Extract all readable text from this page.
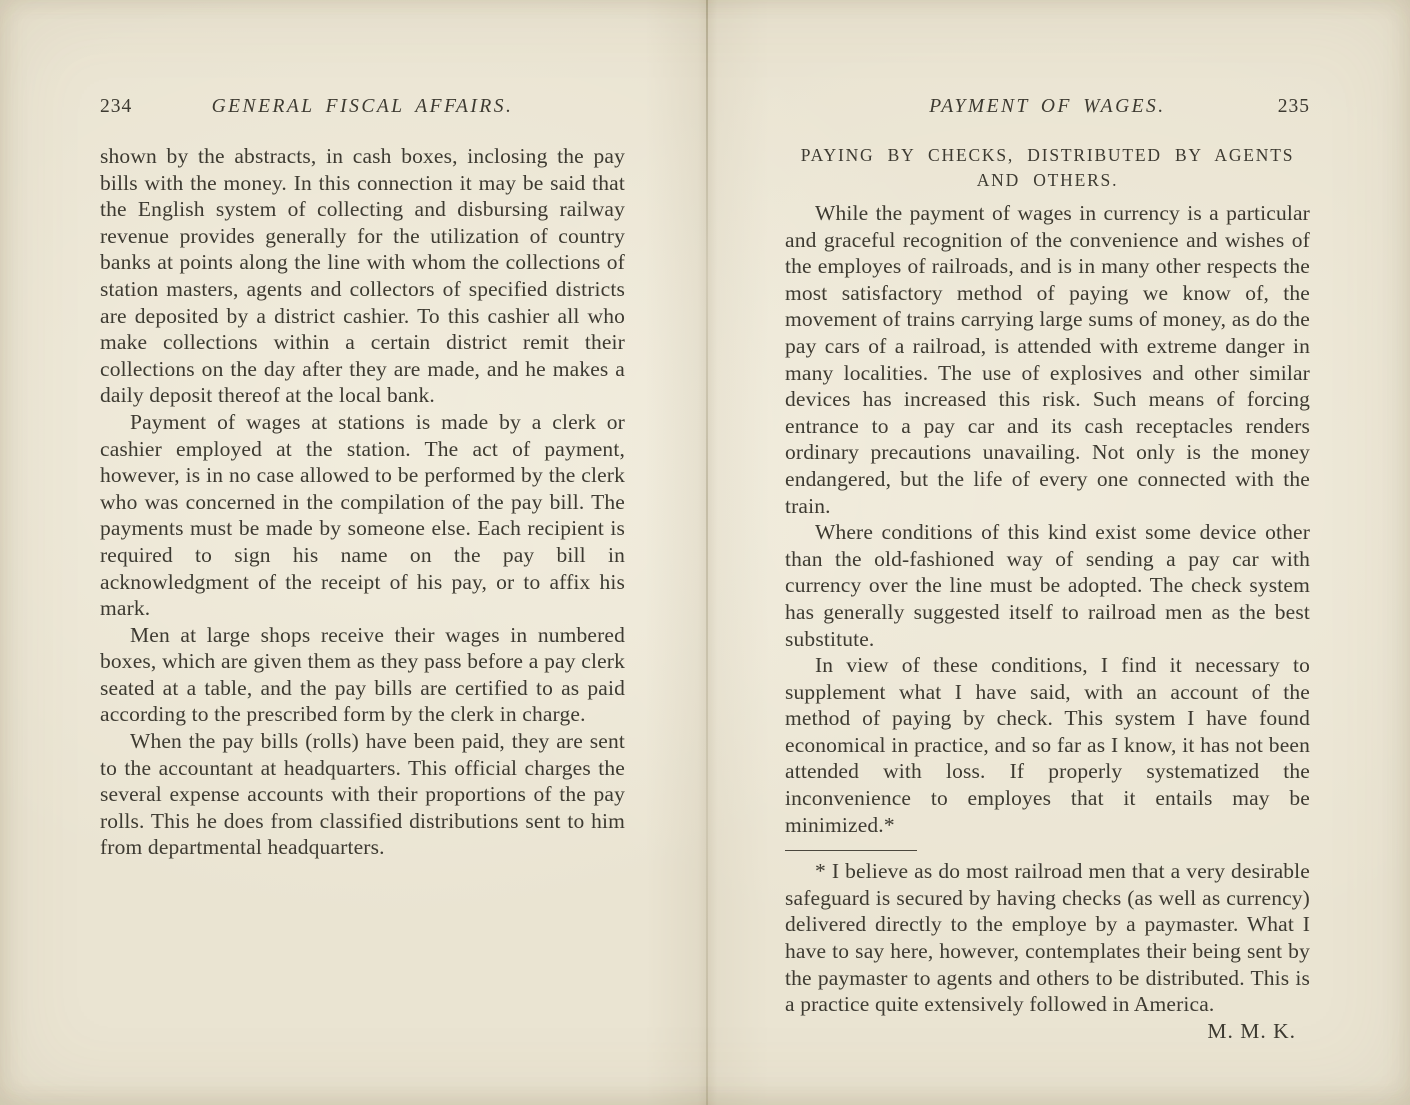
234	GENERAL FISCAL AFFAIRS.

shown by the abstracts, in cash boxes, inclosing the pay bills with the money. In this connection it may be said that the English system of collecting and disbursing railway revenue provides generally for the utilization of country banks at points along the line with whom the collections of station masters, agents and collectors of specified districts are deposited by a district cashier. To this cashier all who make collections within a certain district remit their collections on the day after they are made, and he makes a daily deposit thereof at the local bank.

Payment of wages at stations is made by a clerk or cashier employed at the station. The act of payment, however, is in no case allowed to be performed by the clerk who was concerned in the compilation of the pay bill. The payments must be made by someone else. Each recipient is required to sign his name on the pay bill in acknowledgment of the receipt of his pay, or to affix his mark.

Men at large shops receive their wages in numbered boxes, which are given them as they pass before a pay clerk seated at a table, and the pay bills are certified to as paid according to the prescribed form by the clerk in charge.

When the pay bills (rolls) have been paid, they are sent to the accountant at headquarters. This official charges the several expense accounts with their proportions of the pay rolls. This he does from classified distributions sent to him from departmental headquarters.

PAYMENT OF WAGES.	235
PAYING BY CHECKS, DISTRIBUTED BY AGENTS AND OTHERS.

While the payment of wages in currency is a particular and graceful recognition of the convenience and wishes of the employes of railroads, and is in many other respects the most satisfactory method of paying we know of, the movement of trains carrying large sums of money, as do the pay cars of a railroad, is attended with extreme danger in many localities. The use of explosives and other similar devices has increased this risk. Such means of forcing entrance to a pay car and its cash receptacles renders ordinary precautions unavailing. Not only is the money endangered, but the life of every one connected with the train.

Where conditions of this kind exist some device other than the old-fashioned way of sending a pay car with currency over the line must be adopted. The check system has generally suggested itself to railroad men as the best substitute.

In view of these conditions, I find it necessary to supplement what I have said, with an account of the method of paying by check. This system I have found economical in practice, and so far as I know, it has not been attended with loss. If properly systematized the inconvenience to employes that it entails may be minimized.*

* I believe as do most railroad men that a very desirable safeguard is secured by having checks (as well as currency) delivered directly to the employe by a paymaster. What I have to say here, however, contemplates their being sent by the paymaster to agents and others to be distributed. This is a practice quite extensively followed in America.
M. M. K.
